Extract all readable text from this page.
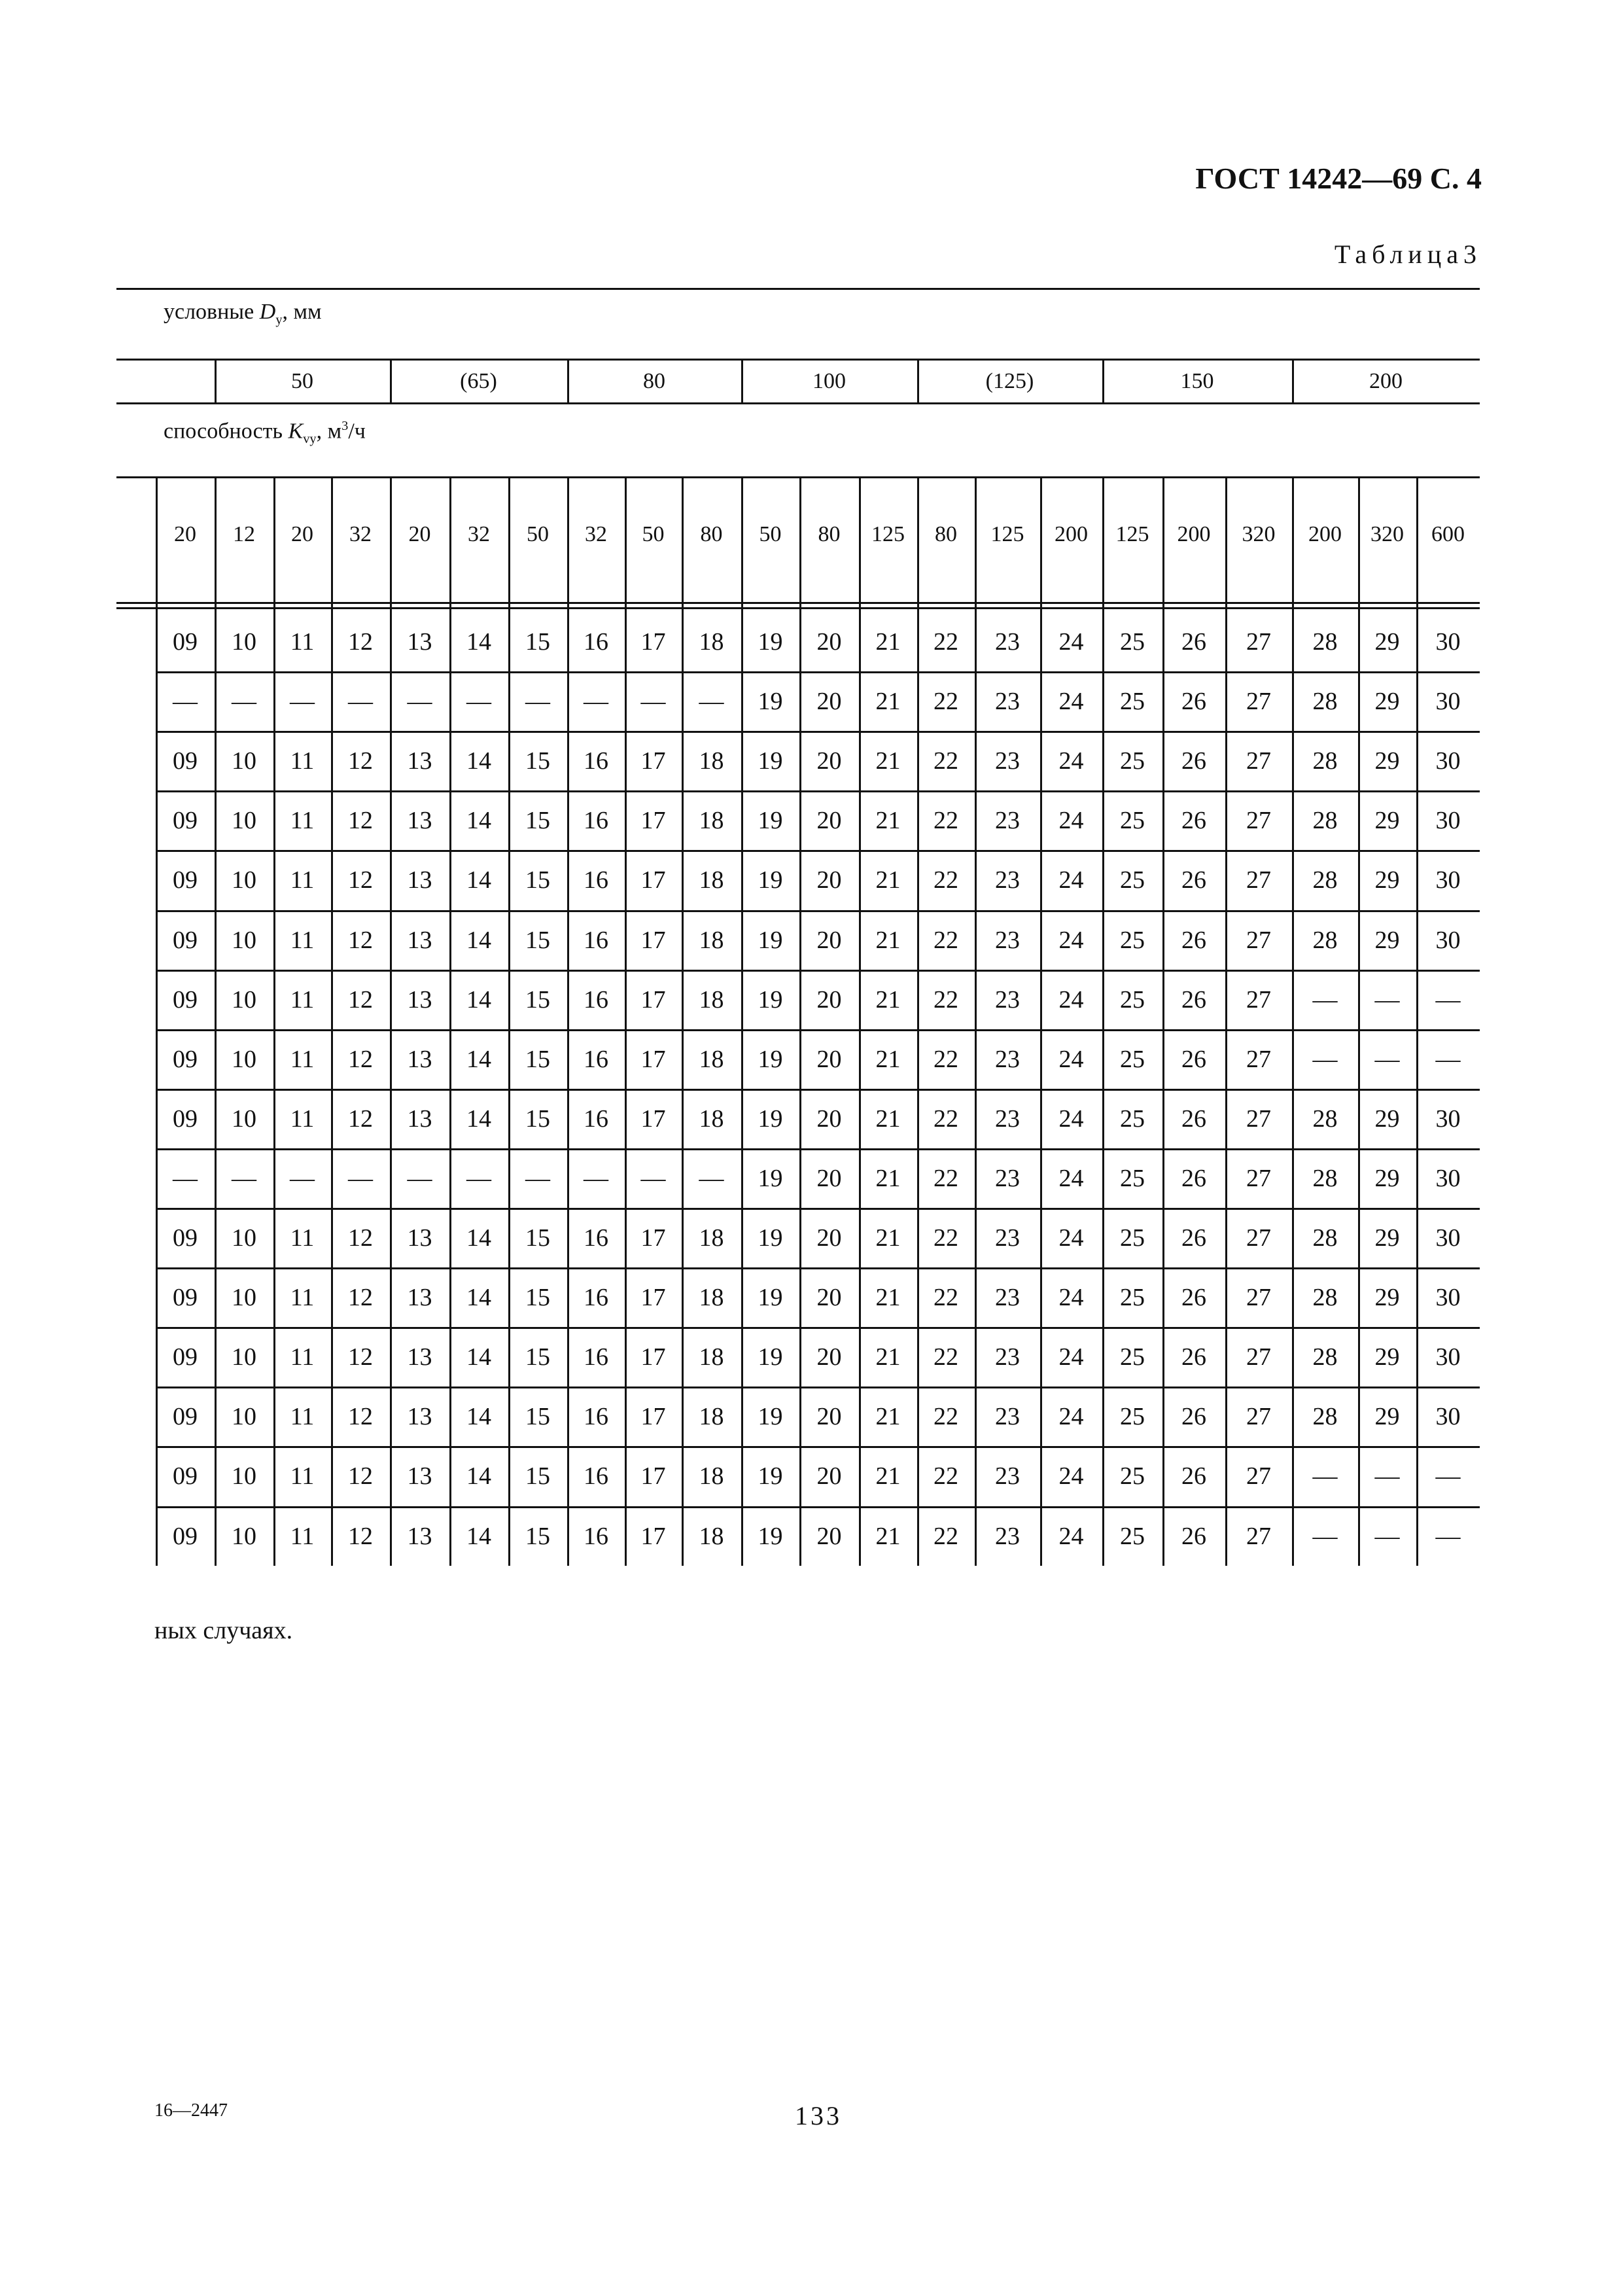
ГОСТ 14242—69 С. 4
Таблица3
условные $D_у$, мм
способность $K_{vy}$, $м^3/ч$
50	(65)	80	100	(125)	150	200
20	12	20	32	20	32	50	32	50	80	50	80	125	80	125	200	125	200	320	200	320	600
09	10	11	12	13	14	15	16	17	18	19	20	21	22	23	24	25	26	27	28	29	30
—	—	—	—	—	—	—	—	—	—	19	20	21	22	23	24	25	26	27	28	29	30
09	10	11	12	13	14	15	16	17	18	19	20	21	22	23	24	25	26	27	28	29	30
09	10	11	12	13	14	15	16	17	18	19	20	21	22	23	24	25	26	27	28	29	30
09	10	11	12	13	14	15	16	17	18	19	20	21	22	23	24	25	26	27	28	29	30
09	10	11	12	13	14	15	16	17	18	19	20	21	22	23	24	25	26	27	28	29	30
09	10	11	12	13	14	15	16	17	18	19	20	21	22	23	24	25	26	27	—	—	—
09	10	11	12	13	14	15	16	17	18	19	20	21	22	23	24	25	26	27	—	—	—
09	10	11	12	13	14	15	16	17	18	19	20	21	22	23	24	25	26	27	28	29	30
—	—	—	—	—	—	—	—	—	—	19	20	21	22	23	24	25	26	27	28	29	30
09	10	11	12	13	14	15	16	17	18	19	20	21	22	23	24	25	26	27	28	29	30
09	10	11	12	13	14	15	16	17	18	19	20	21	22	23	24	25	26	27	28	29	30
09	10	11	12	13	14	15	16	17	18	19	20	21	22	23	24	25	26	27	28	29	30
09	10	11	12	13	14	15	16	17	18	19	20	21	22	23	24	25	26	27	28	29	30
09	10	11	12	13	14	15	16	17	18	19	20	21	22	23	24	25	26	27	—	—	—
09	10	11	12	13	14	15	16	17	18	19	20	21	22	23	24	25	26	27	—	—	—
ных случаях.
16—2447	133
